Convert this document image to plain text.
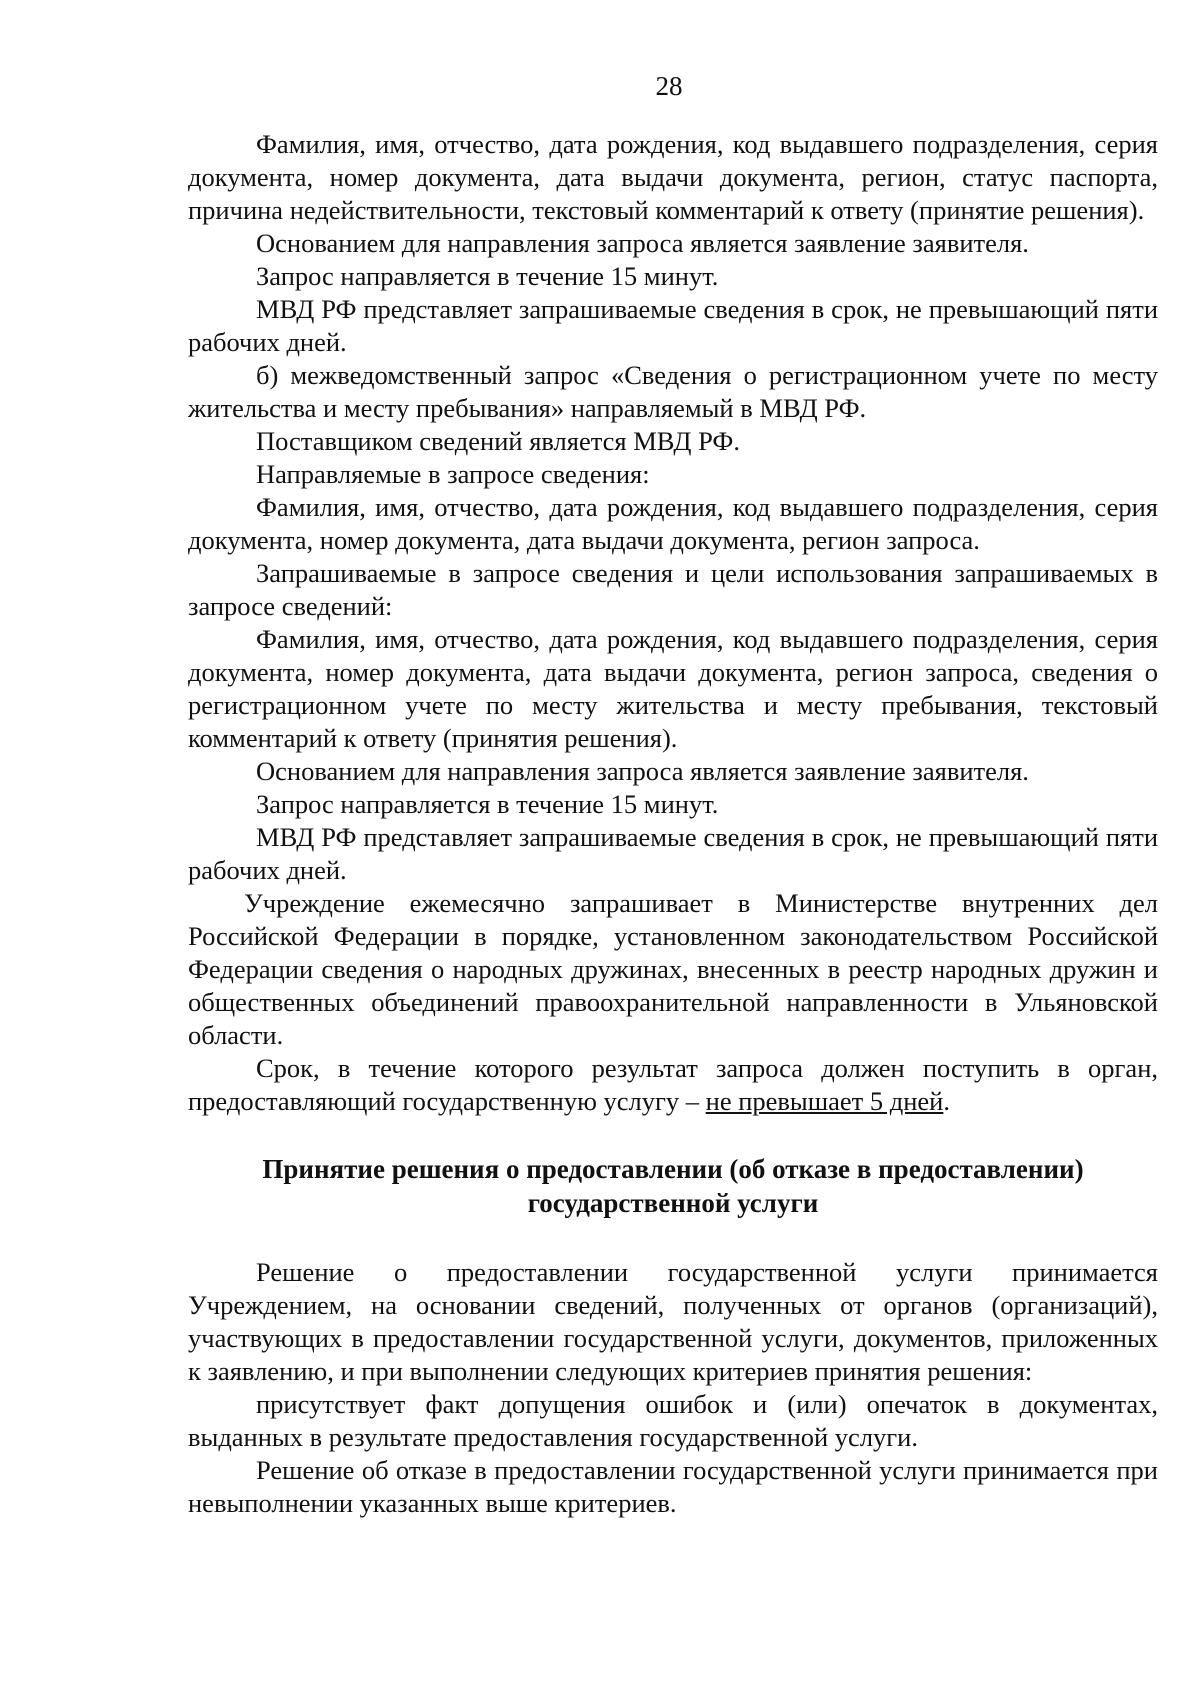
28

Фамилия, имя, отчество, дата рождения, код выдавшего подразделения, серия документа, номер документа, дата выдачи документа, регион, статус паспорта, причина недействительности, текстовый комментарий к ответу (принятие решения).

Основанием для направления запроса является заявление заявителя.

Запрос направляется в течение 15 минут.

МВД РФ представляет запрашиваемые сведения в срок, не превышающий пяти рабочих дней.

б) межведомственный запрос «Сведения о регистрационном учете по месту жительства и месту пребывания» направляемый в МВД РФ.

Поставщиком сведений является МВД РФ.

Направляемые в запросе сведения:

Фамилия, имя, отчество, дата рождения, код выдавшего подразделения, серия документа, номер документа, дата выдачи документа, регион запроса.

Запрашиваемые в запросе сведения и цели использования запрашиваемых в запросе сведений:

Фамилия, имя, отчество, дата рождения, код выдавшего подразделения, серия документа, номер документа, дата выдачи документа, регион запроса, сведения о регистрационном учете по месту жительства и месту пребывания, текстовый комментарий к ответу (принятия решения).

Основанием для направления запроса является заявление заявителя.

Запрос направляется в течение 15 минут.

МВД РФ представляет запрашиваемые сведения в срок, не превышающий пяти рабочих дней.

Учреждение ежемесячно запрашивает в Министерстве внутренних дел Российской Федерации в порядке, установленном законодательством Российской Федерации сведения о народных дружинах, внесенных в реестр народных дружин и общественных объединений правоохранительной направленности в Ульяновской области.

Срок, в течение которого результат запроса должен поступить в орган, предоставляющий государственную услугу – не превышает 5 дней.

Принятие решения о предоставлении (об отказе в предоставлении)
государственной услуги

Решение о предоставлении государственной услуги принимается Учреждением, на основании сведений, полученных от органов (организаций), участвующих в предоставлении государственной услуги, документов, приложенных к заявлению, и при выполнении следующих критериев принятия решения:

присутствует факт допущения ошибок и (или) опечаток в документах, выданных в результате предоставления государственной услуги.

Решение об отказе в предоставлении государственной услуги принимается при невыполнении указанных выше критериев.
